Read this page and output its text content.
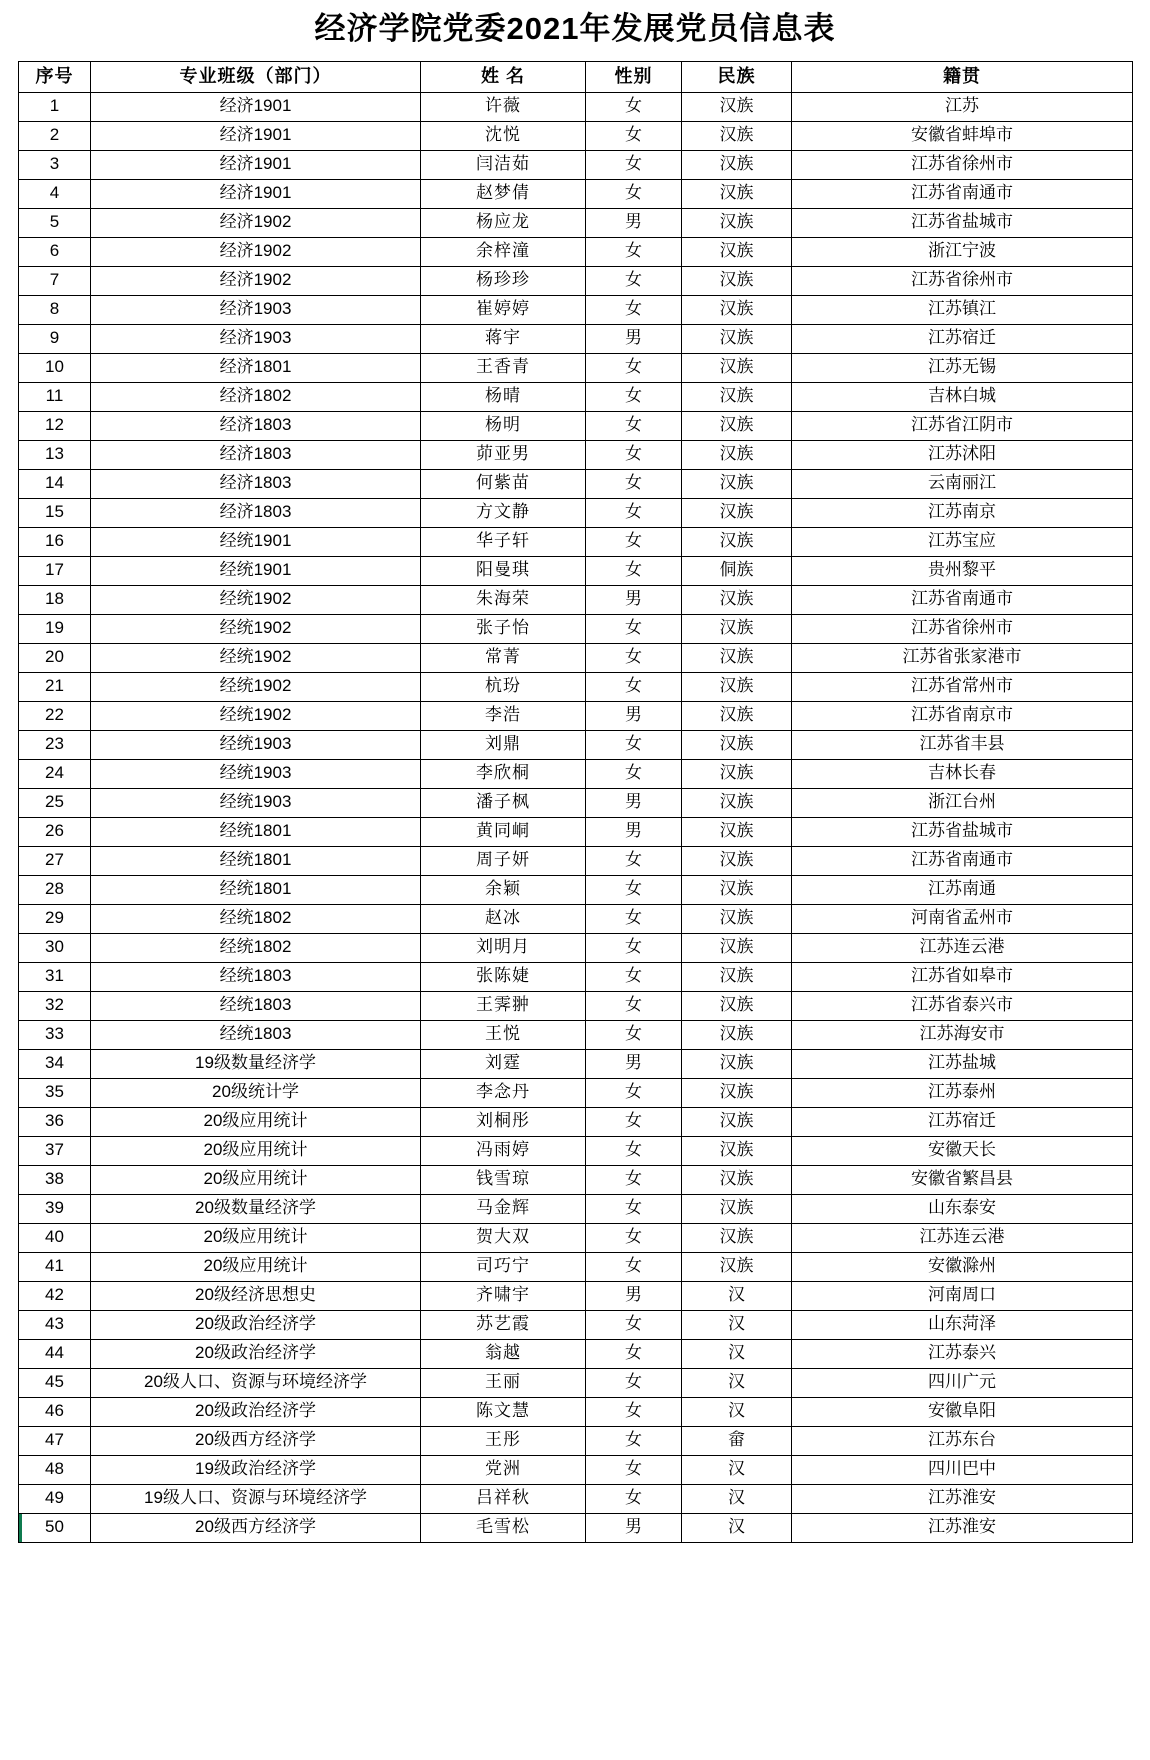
经济学院党委2021年发展党员信息表
序号	专业班级（部门）	姓 名	性别	民族	籍贯
1	经济1901	许薇	女	汉族	江苏
2	经济1901	沈悦	女	汉族	安徽省蚌埠市
3	经济1901	闫洁茹	女	汉族	江苏省徐州市
4	经济1901	赵梦倩	女	汉族	江苏省南通市
5	经济1902	杨应龙	男	汉族	江苏省盐城市
6	经济1902	余梓潼	女	汉族	浙江宁波
7	经济1902	杨珍珍	女	汉族	江苏省徐州市
8	经济1903	崔婷婷	女	汉族	江苏镇江
9	经济1903	蒋宇	男	汉族	江苏宿迁
10	经济1801	王香青	女	汉族	江苏无锡
11	经济1802	杨晴	女	汉族	吉林白城
12	经济1803	杨明	女	汉族	江苏省江阴市
13	经济1803	茆亚男	女	汉族	江苏沭阳
14	经济1803	何紫苗	女	汉族	云南丽江
15	经济1803	方文静	女	汉族	江苏南京
16	经统1901	华子轩	女	汉族	江苏宝应
17	经统1901	阳曼琪	女	侗族	贵州黎平
18	经统1902	朱海荣	男	汉族	江苏省南通市
19	经统1902	张子怡	女	汉族	江苏省徐州市
20	经统1902	常菁	女	汉族	江苏省张家港市
21	经统1902	杭玢	女	汉族	江苏省常州市
22	经统1902	李浩	男	汉族	江苏省南京市
23	经统1903	刘鼎	女	汉族	江苏省丰县
24	经统1903	李欣桐	女	汉族	吉林长春
25	经统1903	潘子枫	男	汉族	浙江台州
26	经统1801	黄同峒	男	汉族	江苏省盐城市
27	经统1801	周子妍	女	汉族	江苏省南通市
28	经统1801	余颖	女	汉族	江苏南通
29	经统1802	赵冰	女	汉族	河南省孟州市
30	经统1802	刘明月	女	汉族	江苏连云港
31	经统1803	张陈婕	女	汉族	江苏省如皋市
32	经统1803	王霁翀	女	汉族	江苏省泰兴市
33	经统1803	王悦	女	汉族	江苏海安市
34	19级数量经济学	刘霆	男	汉族	江苏盐城
35	20级统计学	李念丹	女	汉族	江苏泰州
36	20级应用统计	刘桐彤	女	汉族	江苏宿迁
37	20级应用统计	冯雨婷	女	汉族	安徽天长
38	20级应用统计	钱雪琼	女	汉族	安徽省繁昌县
39	20级数量经济学	马金辉	女	汉族	山东泰安
40	20级应用统计	贺大双	女	汉族	江苏连云港
41	20级应用统计	司巧宁	女	汉族	安徽滁州
42	20级经济思想史	齐啸宇	男	汉	河南周口
43	20级政治经济学	苏艺霞	女	汉	山东菏泽
44	20级政治经济学	翁越	女	汉	江苏泰兴
45	20级人口、资源与环境经济学	王丽	女	汉	四川广元
46	20级政治经济学	陈文慧	女	汉	安徽阜阳
47	20级西方经济学	王彤	女	畲	江苏东台
48	19级政治经济学	党洲	女	汉	四川巴中
49	19级人口、资源与环境经济学	吕祥秋	女	汉	江苏淮安
50	20级西方经济学	毛雪松	男	汉	江苏淮安
